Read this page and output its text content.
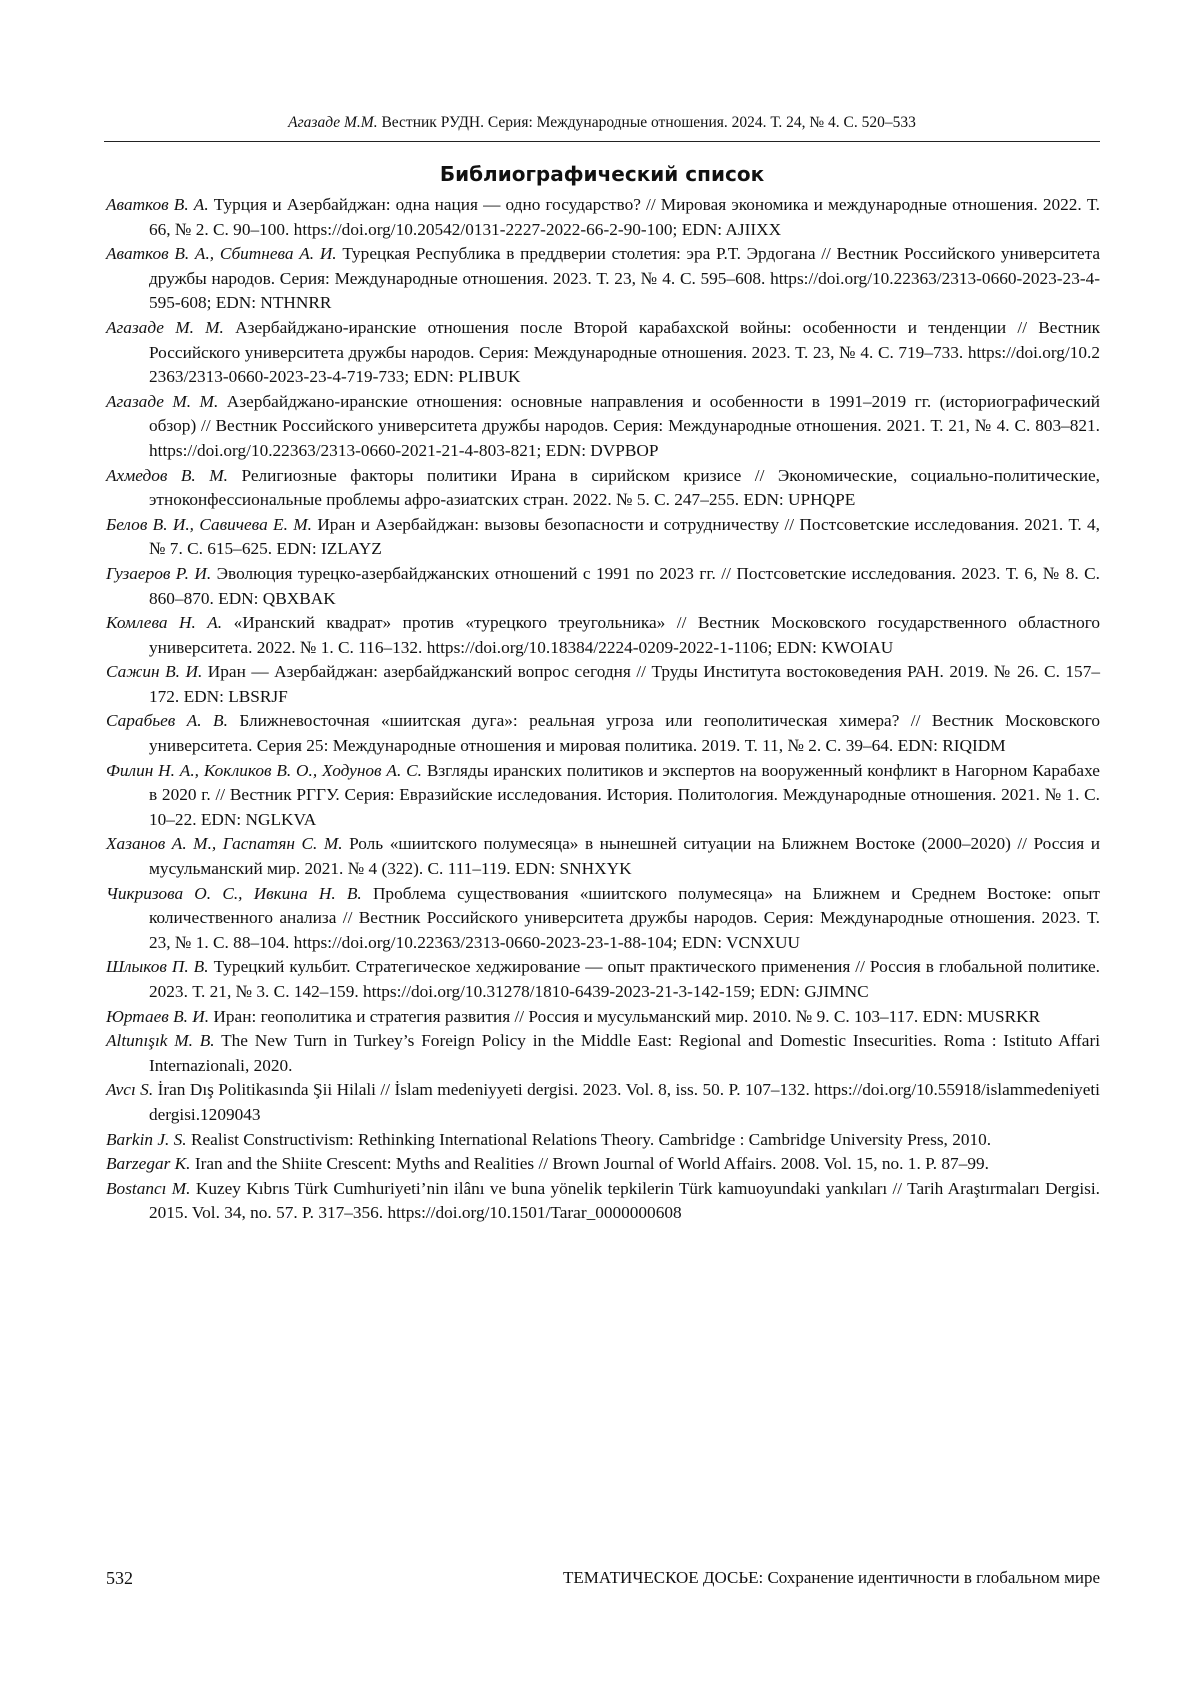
Агазаде М.М. Вестник РУДН. Серия: Международные отношения. 2024. Т. 24, № 4. С. 520–533
Библиографический список
Аватков В. А. Турция и Азербайджан: одна нация — одно государство? // Мировая экономика и международные отношения. 2022. Т. 66, № 2. С. 90–100. https://doi.org/10.20542/0131-2227-2022-66-2-90-100; EDN: AJIIXX
Аватков В. А., Сбитнева А. И. Турецкая Республика в преддверии столетия: эра Р.Т. Эрдогана // Вестник Российского университета дружбы народов. Серия: Международные отношения. 2023. Т. 23, № 4. С. 595–608. https://doi.org/10.22363/2313-0660-2023-23-4-595-608; EDN: NTHNRR
Агазаде М. М. Азербайджано-иранские отношения после Второй карабахской войны: особенности и тенденции // Вестник Российского университета дружбы народов. Серия: Международные отношения. 2023. Т. 23, № 4. С. 719–733. https://doi.org/10.22363/2313-0660-2023-23-4-719-733; EDN: PLIBUK
Агазаде М. М. Азербайджано-иранские отношения: основные направления и особенности в 1991–2019 гг. (историографический обзор) // Вестник Российского университета дружбы народов. Серия: Международные отношения. 2021. Т. 21, № 4. С. 803–821. https://doi.org/10.22363/2313-0660-2021-21-4-803-821; EDN: DVPBOP
Ахмедов В. М. Религиозные факторы политики Ирана в сирийском кризисе // Экономические, социально-политические, этноконфессиональные проблемы афро-азиатских стран. 2022. № 5. С. 247–255. EDN: UPHQPE
Белов В. И., Савичева Е. М. Иран и Азербайджан: вызовы безопасности и сотрудничеству // Постсоветские исследования. 2021. Т. 4, № 7. С. 615–625. EDN: IZLAYZ
Гузаеров Р. И. Эволюция турецко-азербайджанских отношений с 1991 по 2023 гг. // Постсоветские исследования. 2023. Т. 6, № 8. С. 860–870. EDN: QBXBAK
Комлева Н. А. «Иранский квадрат» против «турецкого треугольника» // Вестник Московского государственного областного университета. 2022. № 1. С. 116–132. https://doi.org/10.18384/2224-0209-2022-1-1106; EDN: KWOIAU
Сажин В. И. Иран — Азербайджан: азербайджанский вопрос сегодня // Труды Института востоковедения РАН. 2019. № 26. С. 157–172. EDN: LBSRJF
Сарабьев А. В. Ближневосточная «шиитская дуга»: реальная угроза или геополитическая химера? // Вестник Московского университета. Серия 25: Международные отношения и мировая политика. 2019. Т. 11, № 2. С. 39–64. EDN: RIQIDM
Филин Н. А., Кокликов В. О., Ходунов А. С. Взгляды иранских политиков и экспертов на вооруженный конфликт в Нагорном Карабахе в 2020 г. // Вестник РГГУ. Серия: Евразийские исследования. История. Политология. Международные отношения. 2021. № 1. С. 10–22. EDN: NGLKVA
Хазанов А. М., Гаспатян С. М. Роль «шиитского полумесяца» в нынешней ситуации на Ближнем Востоке (2000–2020) // Россия и мусульманский мир. 2021. № 4 (322). С. 111–119. EDN: SNHXYK
Чикризова О. С., Ивкина Н. В. Проблема существования «шиитского полумесяца» на Ближнем и Среднем Востоке: опыт количественного анализа // Вестник Российского университета дружбы народов. Серия: Международные отношения. 2023. Т. 23, № 1. С. 88–104. https://doi.org/10.22363/2313-0660-2023-23-1-88-104; EDN: VCNXUU
Шлыков П. В. Турецкий кульбит. Стратегическое хеджирование — опыт практического применения // Россия в глобальной политике. 2023. Т. 21, № 3. С. 142–159. https://doi.org/10.31278/1810-6439-2023-21-3-142-159; EDN: GJIMNC
Юртаев В. И. Иран: геополитика и стратегия развития // Россия и мусульманский мир. 2010. № 9. С. 103–117. EDN: MUSRKR
Altunışık M. B. The New Turn in Turkey’s Foreign Policy in the Middle East: Regional and Domestic Insecurities. Roma : Istituto Affari Internazionali, 2020.
Avcı S. İran Dış Politikasında Şii Hilali // İslam medeniyyeti dergisi. 2023. Vol. 8, iss. 50. P. 107–132. https://doi.org/10.55918/islammedeniyetidergisi.1209043
Barkin J. S. Realist Constructivism: Rethinking International Relations Theory. Cambridge : Cambridge University Press, 2010.
Barzegar K. Iran and the Shiite Crescent: Myths and Realities // Brown Journal of World Affairs. 2008. Vol. 15, no. 1. P. 87–99.
Bostancı M. Kuzey Kıbrıs Türk Cumhuriyeti’nin ilânı ve buna yönelik tepkilerin Türk kamuoyundaki yankıları // Tarih Araştırmaları Dergisi. 2015. Vol. 34, no. 57. P. 317–356. https://doi.org/10.1501/Tarar_0000000608
532	ТЕМАТИЧЕСКОЕ ДОСЬЕ: Сохранение идентичности в глобальном мире
